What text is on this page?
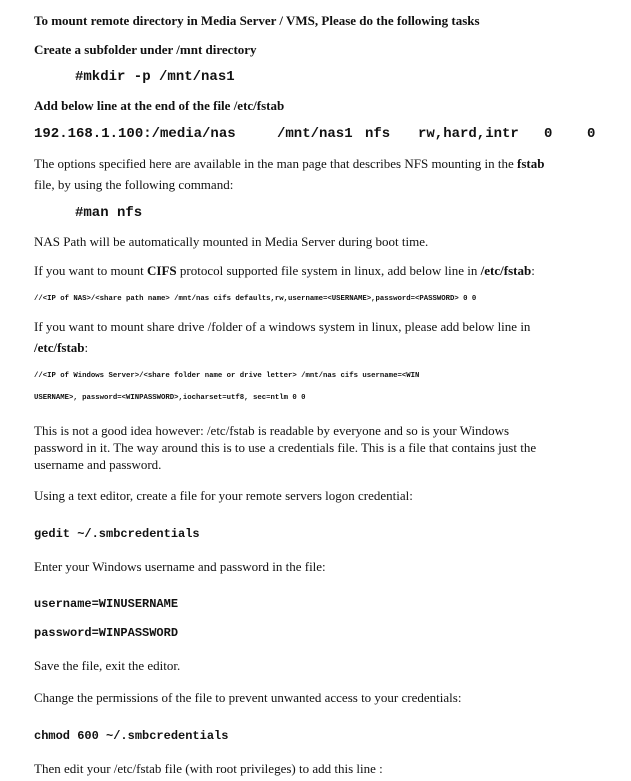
To mount remote directory in Media Server / VMS, Please do the following tasks
Create a subfolder under /mnt directory
#mkdir -p /mnt/nas1
Add below line at the end of the file /etc/fstab
192.168.1.100:/media/nas	/mnt/nas1 nfs rw,hard,intr 0 0
The options specified here are available in the man page that describes NFS mounting in the fstab
file, by using the following command:
#man nfs
NAS Path will be automatically mounted in Media Server during boot time.
If you want to mount CIFS protocol supported file system in linux, add below line in /etc/fstab:
//<IP of NAS>/<share path name> /mnt/nas cifs defaults,rw,username=<USERNAME>,password=<PASSWORD> 0 0
If you want to mount share drive /folder of a windows system in linux, please add below line in
/etc/fstab:
//<IP of Windows Server>/<share folder name or drive letter> /mnt/nas cifs username=<WIN
USERNAME>, password=<WINPASSWORD>,iocharset=utf8, sec=ntlm 0 0
This is not a good idea however: /etc/fstab is readable by everyone and so is your Windows
password in it. The way around this is to use a credentials file. This is a file that contains just the
username and password.
Using a text editor, create a file for your remote servers logon credential:
gedit ~/.smbcredentials
Enter your Windows username and password in the file:
username=WINUSERNAME
password=WINPASSWORD
Save the file, exit the editor.
Change the permissions of the file to prevent unwanted access to your credentials:
chmod 600 ~/.smbcredentials
Then edit your /etc/fstab file (with root privileges) to add this line :
